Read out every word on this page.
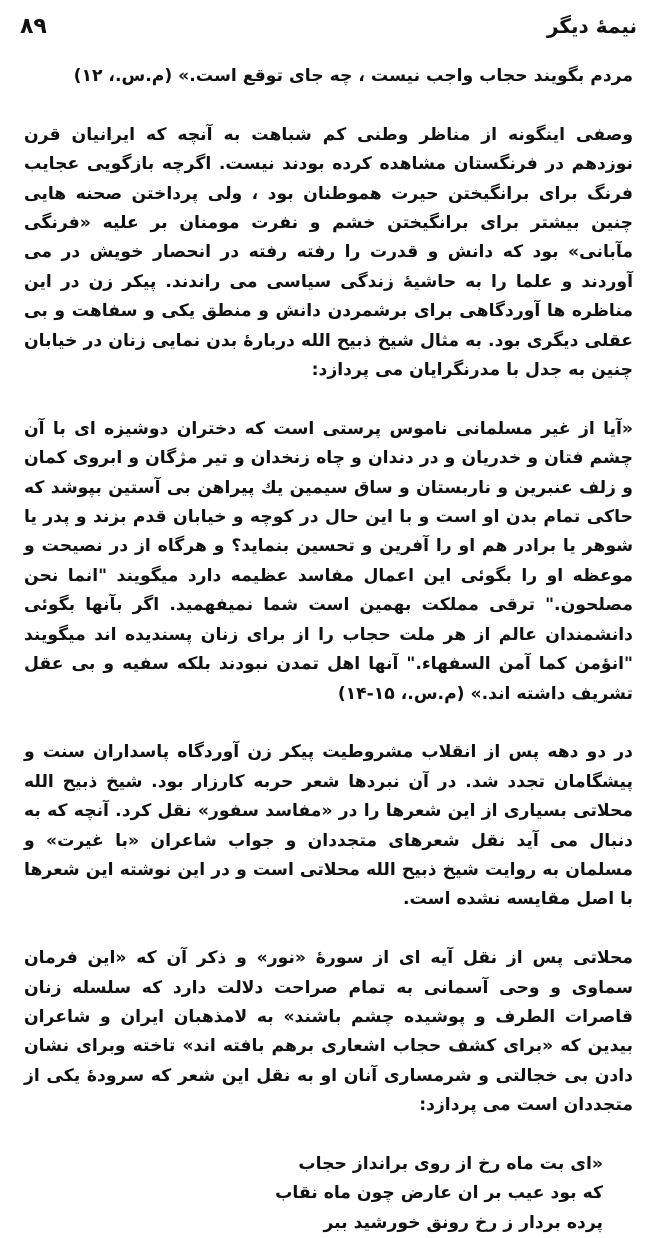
۸۹	نیمهٔ دیگر

مردم بگویند حجاب واجب نیست ، چه جای توقع است.» (م.س.، ۱۲)

وصفی اینگونه از مناظر وطنی کم شباهت به آنچه که ایرانیان قرن نوزدهم در فرنگستان مشاهده کرده بودند نیست. اگرچه بازگویی عجایب فرنگ برای برانگیختن حیرت هموطنان بود ، ولی پرداختن صحنه هایی چنین بیشتر برای برانگیختن خشم و نفرت مومنان بر علیه «فرنگی مآبانی» بود که دانش و قدرت را رفته رفته در انحصار خویش در می آوردند و علما را به حاشیهٔ زندگی سیاسی می راندند. پیکر زن در این مناظره ها آوردگاهی برای برشمردن دانش و منطق یکی و سفاهت و بی عقلی دیگری بود. به مثال شیخ ذبیح الله دربارهٔ بدن نمایی زنان در خیابان چنین به جدل با مدرنگرایان می پردازد:

«آیا از غیر مسلمانی ناموس پرستی است که دختران دوشیزه ای با آن چشم فتان و خدریان و در دندان و چاه زنخدان و تیر مژگان و ابروی کمان و زلف عنبرین و ناربستان و ساق سیمین یك پیراهن بی آستین بپوشد که حاکی تمام بدن او است و با این حال در کوچه و خیابان قدم بزند و پدر یا شوهر یا برادر هم او را آفرین و تحسین بنماید؟ و هرگاه از در نصیحت و موعظه او را بگوئی این اعمال مفاسد عظیمه دارد میگویند "انما نحن مصلحون." ترقی مملکت بهمین است شما نمیفهمید. اگر بآنها بگوئی دانشمندان عالم از هر ملت حجاب را از برای زنان پسندیده اند میگویند "انؤمن کما آمن السفهاء." آنها اهل تمدن نبودند بلکه سفیه و بی عقل تشریف داشته اند.» (م.س.، ۱۵-۱۴)

در دو دهه پس از انقلاب مشروطیت پیکر زن آوردگاه پاسداران سنت و پیشگامان تجدد شد. در آن نبردها شعر حربه کارزار بود. شیخ ذبیح الله محلاتی بسیاری از این شعرها را در «مفاسد سفور» نقل کرد. آنچه که به دنبال می آید نقل شعرهای متجددان و جواب شاعران «با غیرت» و مسلمان به روایت شیخ ذبیح الله محلاتی است و در این نوشته این شعرها با اصل مقایسه نشده است.

محلاتی پس از نقل آیه ای از سورهٔ «نور» و ذکر آن که «این فرمان سماوی و وحی آسمانی به تمام صراحت دلالت دارد که سلسله زنان قاصرات الطرف و پوشیده چشم باشند» به لامذهبان ایران و شاعران بیدین که «برای کشف حجاب اشعاری برهم بافته اند» تاخته وبرای نشان دادن بی خجالتی و شرمساری آنان او به نقل این شعر که سرودهٔ یکی از متجددان است می پردازد:

«ای بت ماه رخ از روی برانداز حجاب
که بود عیب بر ان عارض چون ماه نقاب
پرده بردار ز رخ رونق خورشید ببر
